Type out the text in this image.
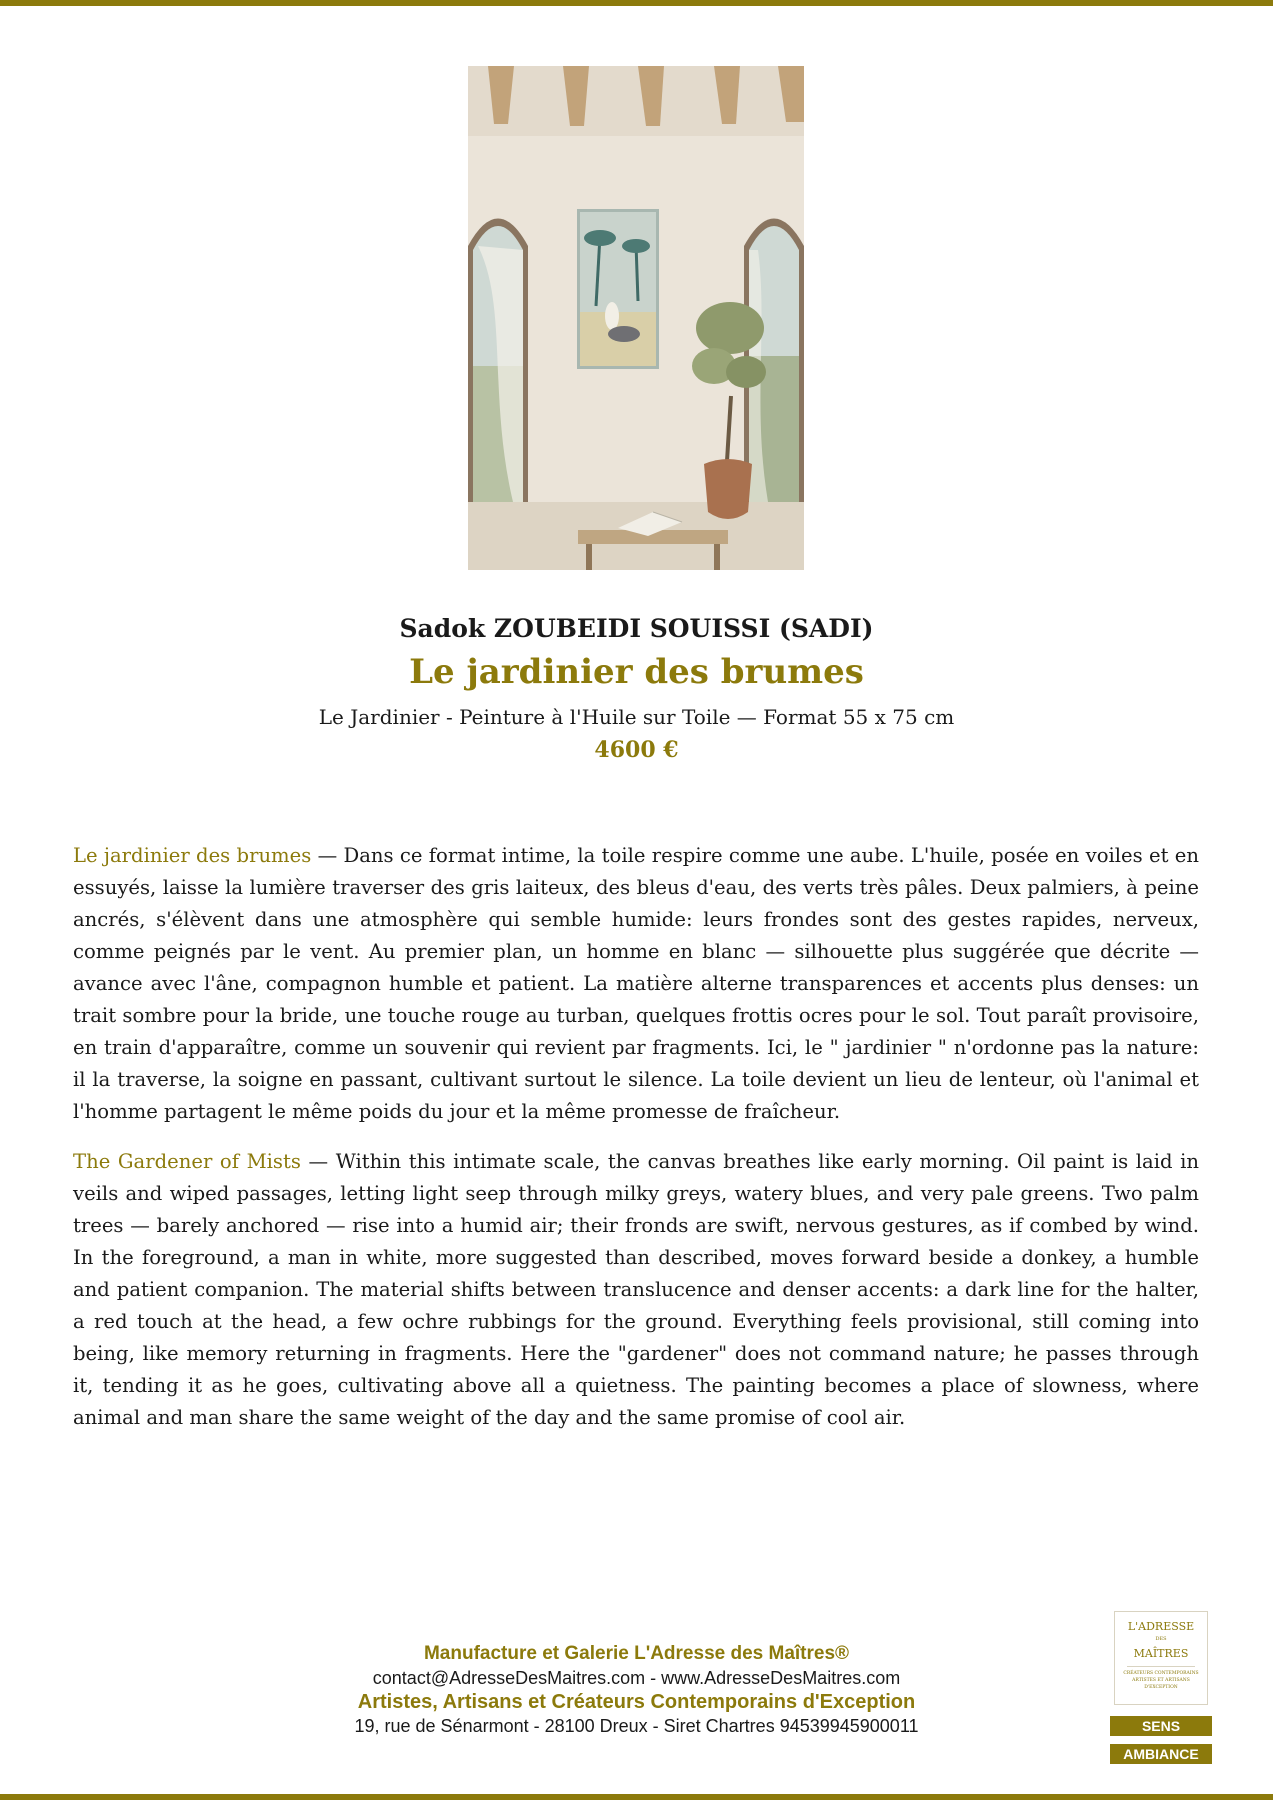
Sadok ZOUBEIDI SOUISSI (SADI)
Le jardinier des brumes
Le Jardinier - Peinture à l'Huile sur Toile — Format 55 x 75 cm
4600 €

Le jardinier des brumes — Dans ce format intime, la toile respire comme une aube. L'huile, posée en voiles et en essuyés, laisse la lumière traverser des gris laiteux, des bleus d'eau, des verts très pâles. Deux palmiers, à peine ancrés, s'élèvent dans une atmosphère qui semble humide: leurs frondes sont des gestes rapides, nerveux, comme peignés par le vent. Au premier plan, un homme en blanc — silhouette plus suggérée que décrite — avance avec l'âne, compagnon humble et patient. La matière alterne transparences et accents plus denses: un trait sombre pour la bride, une touche rouge au turban, quelques frottis ocres pour le sol. Tout paraît provisoire, en train d'apparaître, comme un souvenir qui revient par fragments. Ici, le " jardinier " n'ordonne pas la nature: il la traverse, la soigne en passant, cultivant surtout le silence. La toile devient un lieu de lenteur, où l'animal et l'homme partagent le même poids du jour et la même promesse de fraîcheur.

The Gardener of Mists — Within this intimate scale, the canvas breathes like early morning. Oil paint is laid in veils and wiped passages, letting light seep through milky greys, watery blues, and very pale greens. Two palm trees — barely anchored — rise into a humid air; their fronds are swift, nervous gestures, as if combed by wind. In the foreground, a man in white, more suggested than described, moves forward beside a donkey, a humble and patient companion. The material shifts between translucence and denser accents: a dark line for the halter, a red touch at the head, a few ochre rubbings for the ground. Everything feels provisional, still coming into being, like memory returning in fragments. Here the "gardener" does not command nature; he passes through it, tending it as he goes, cultivating above all a quietness. The painting becomes a place of slowness, where animal and man share the same weight of the day and the same promise of cool air.

Manufacture et Galerie L'Adresse des Maîtres®
contact@AdresseDesMaitres.com - www.AdresseDesMaitres.com
Artistes, Artisans et Créateurs Contemporains d'Exception
19, rue de Sénarmont - 28100 Dreux - Siret Chartres 94539945900011
L'ADRESSE
DES
MAÎTRES
CRÉATEURS CONTEMPORAINS ARTISTES ET ARTISANS D'EXCEPTION
SENS
AMBIANCE
